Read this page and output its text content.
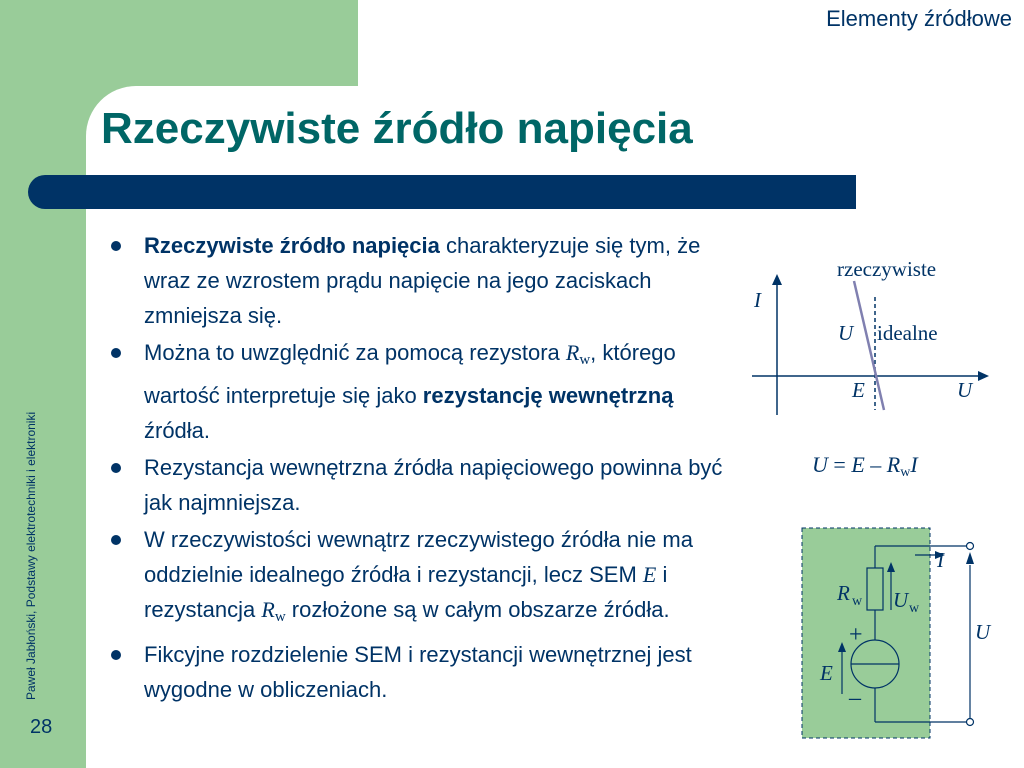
Elementy źródłowe
Rzeczywiste źródło napięcia
Paweł Jabłoński, Podstawy elektrotechniki i elektroniki
28
Rzeczywiste źródło napięcia charakteryzuje się tym, że wraz ze wzrostem prądu napięcie na jego zaciskach zmniejsza się.
Można to uwzględnić za pomocą rezystora $R_w$, którego wartość interpretuje się jako rezystancję wewnętrzną źródła.
Rezystancja wewnętrzna źródła napięciowego powinna być jak najmniejsza.
W rzeczywistości wewnątrz rzeczywistego źródła nie ma oddzielnie idealnego źródła i rezystancji, lecz SEM E i rezystancja $R_w$ rozłożone są w całym obszarze źródła.
Fikcyjne rozdzielenie SEM i rezystancji wewnętrznej jest wygodne w obliczeniach.
rzeczywiste
idealne
I
U
U
E
U = E – RwI
I
U
R w U w
E
+
–
